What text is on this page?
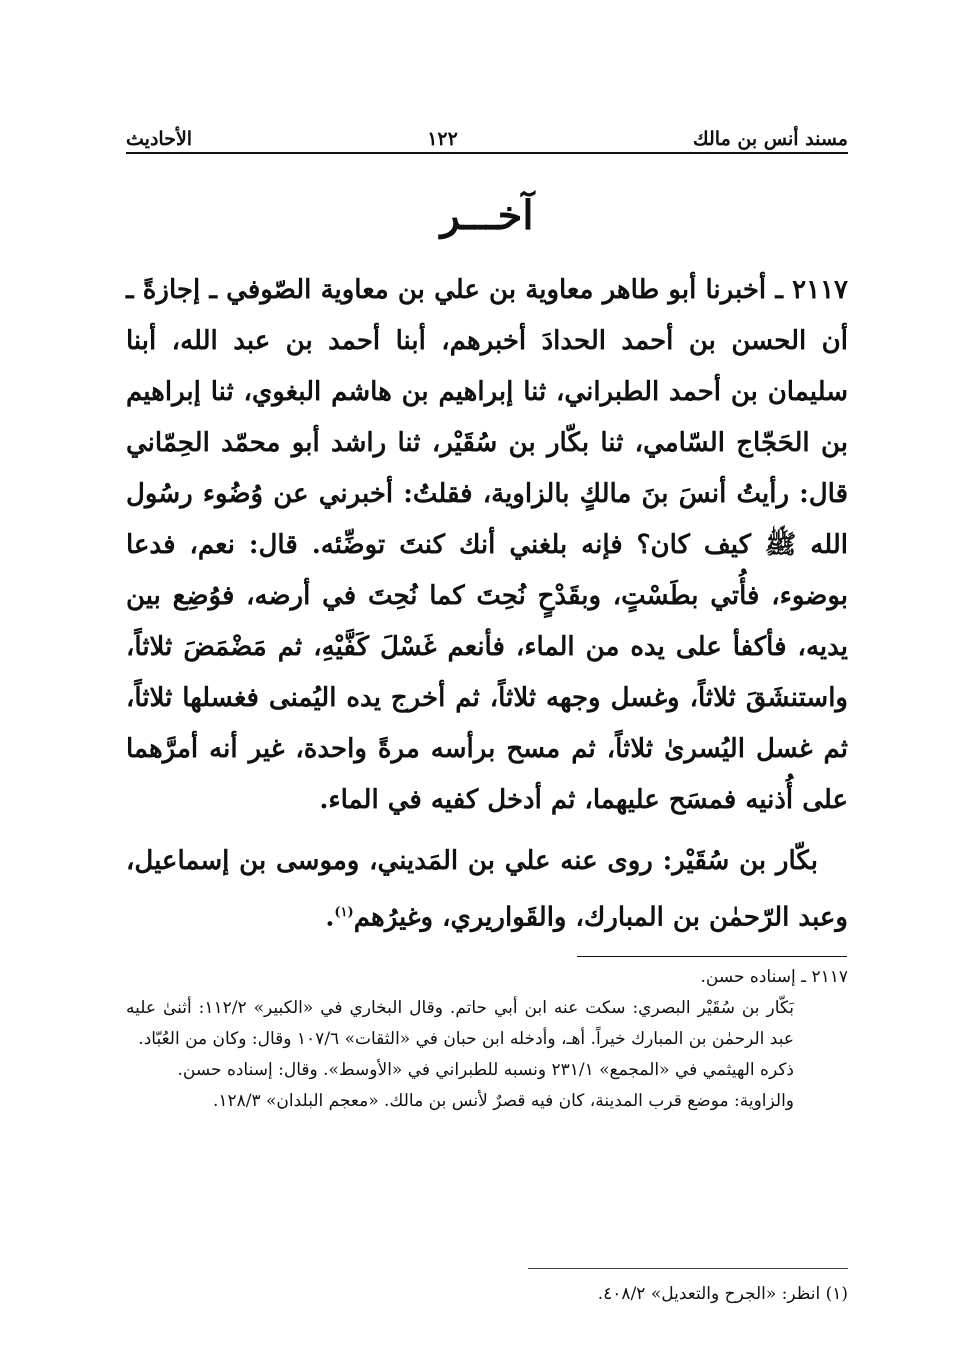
مسند أنس بن مالك
١٢٢
الأحاديث
آخـــر

٢١١٧ ـ أخبرنا أبو طاهر معاوية بن علي بن معاوية الصّوفي ـ إجازةً ـ أن الحسن بن أحمد الحدادَ أخبرهم، أبنا أحمد بن عبد الله، أبنا سليمان بن أحمد الطبراني، ثنا إبراهيم بن هاشم البغوي، ثنا إبراهيم بن الحَجّاج السّامي، ثنا بكّار بن سُقَيْر، ثنا راشد أبو محمّد الحِمّاني قال: رأيتُ أنسَ بنَ مالكٍ بالزاوية، فقلتُ: أخبرني عن وُضُوء رسُول الله ﷺ كيف كان؟ فإنه بلغني أنك كنتَ توضِّئه. قال: نعم، فدعا بوضوء، فأُتي بطَسْتٍ، وبقَدْحٍ نُحِتَ كما نُحِتَ في أرضه، فوُضِع بين يديه، فأكفأ على يده من الماء، فأنعم غَسْلَ كَفَّيْهِ، ثم مَضْمَضَ ثلاثاً، واستنشَقَ ثلاثاً، وغسل وجهه ثلاثاً، ثم أخرج يده اليُمنى فغسلها ثلاثاً، ثم غسل اليُسرىٰ ثلاثاً، ثم مسح برأسه مرةً واحدة، غير أنه أمرَّهما على أُذنيه فمسَح عليهما، ثم أدخل كفيه في الماء.

بكّار بن سُقَيْر: روى عنه علي بن المَديني، وموسى بن إسماعيل، وعبد الرّحمٰن بن المبارك، والقَواريري، وغيرُهم$^{(١)}$.

٢١١٧ ـ إسناده حسن.

بَكّار بن سُقَيْر البصري: سكت عنه ابن أبي حاتم. وقال البخاري في «الكبير» ١١٢/٢: أثنىٰ عليه عبد الرحمٰن بن المبارك خيراً. أهـ، وأدخله ابن حبان في «الثقات» ١٠٧/٦ وقال: وكان من العُبّاد.

ذكره الهيثمي في «المجمع» ٢٣١/١ ونسبه للطبراني في «الأوسط». وقال: إسناده حسن.

والزاوية: موضع قرب المدينة، كان فيه قصرٌ لأنس بن مالك. «معجم البلدان» ١٢٨/٣.

(١) انظر: «الجرح والتعديل» ٤٠٨/٢.
